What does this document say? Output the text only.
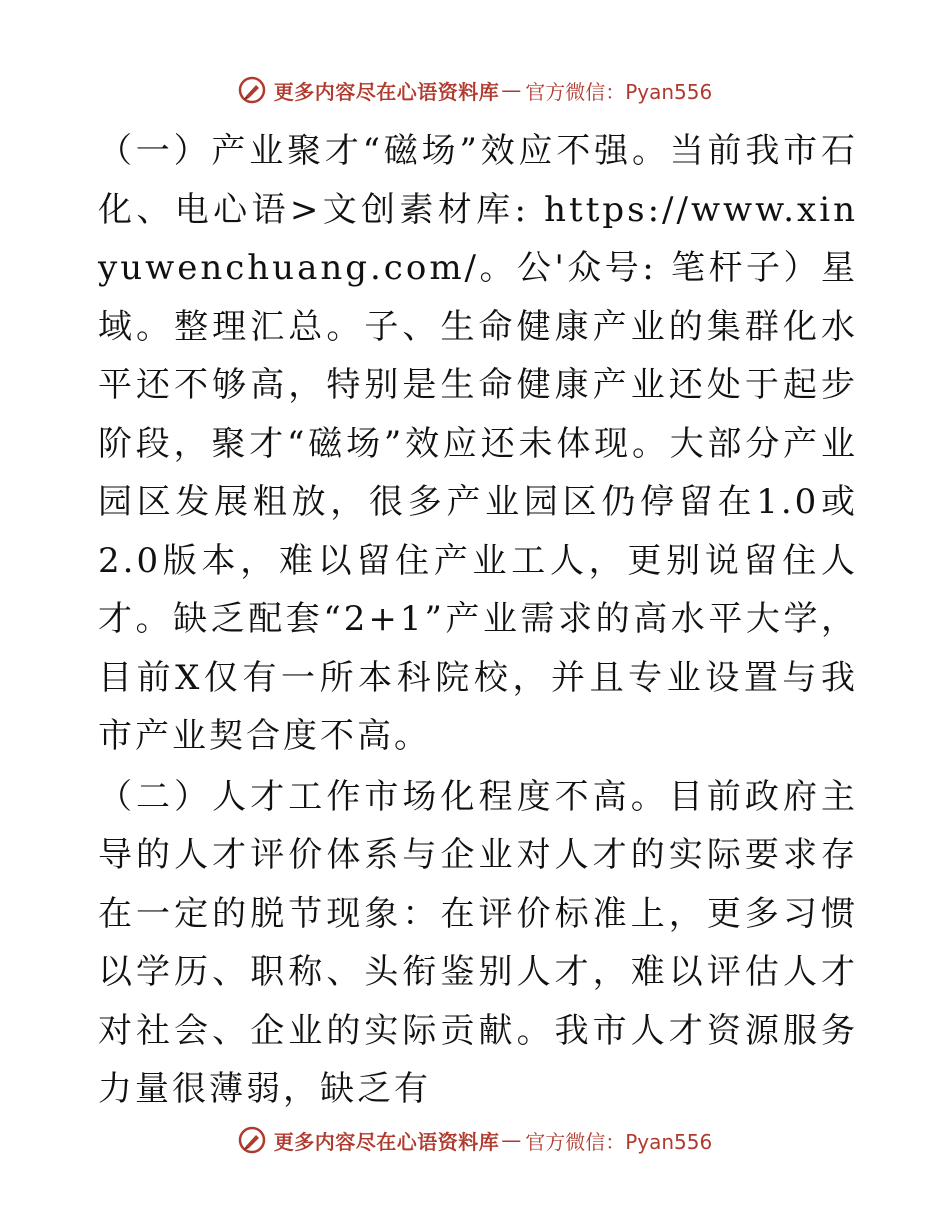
更多内容尽在心语资料库 — 官方微信：Pyan556

（一）产业聚才“磁场”效应不强。当前我市石化、电心语>文创素材库: https://www.xinyuwenchuang.com/。公'众号: 笔杆子）星域。整理汇总。子、生命健康产业的集群化水平还不够高，特别是生命健康产业还处于起步阶段，聚才“磁场”效应还未体现。大部分产业园区发展粗放，很多产业园区仍停留在1.0或2.0版本，难以留住产业工人，更别说留住人才。缺乏配套“2+1”产业需求的高水平大学，目前X仅有一所本科院校，并且专业设置与我市产业契合度不高。

（二）人才工作市场化程度不高。目前政府主导的人才评价体系与企业对人才的实际要求存在一定的脱节现象：在评价标准上，更多习惯以学历、职称、头衔鉴别人才，难以评估人才对社会、企业的实际贡献。我市人才资源服务力量很薄弱，缺乏有

更多内容尽在心语资料库 — 官方微信：Pyan556
